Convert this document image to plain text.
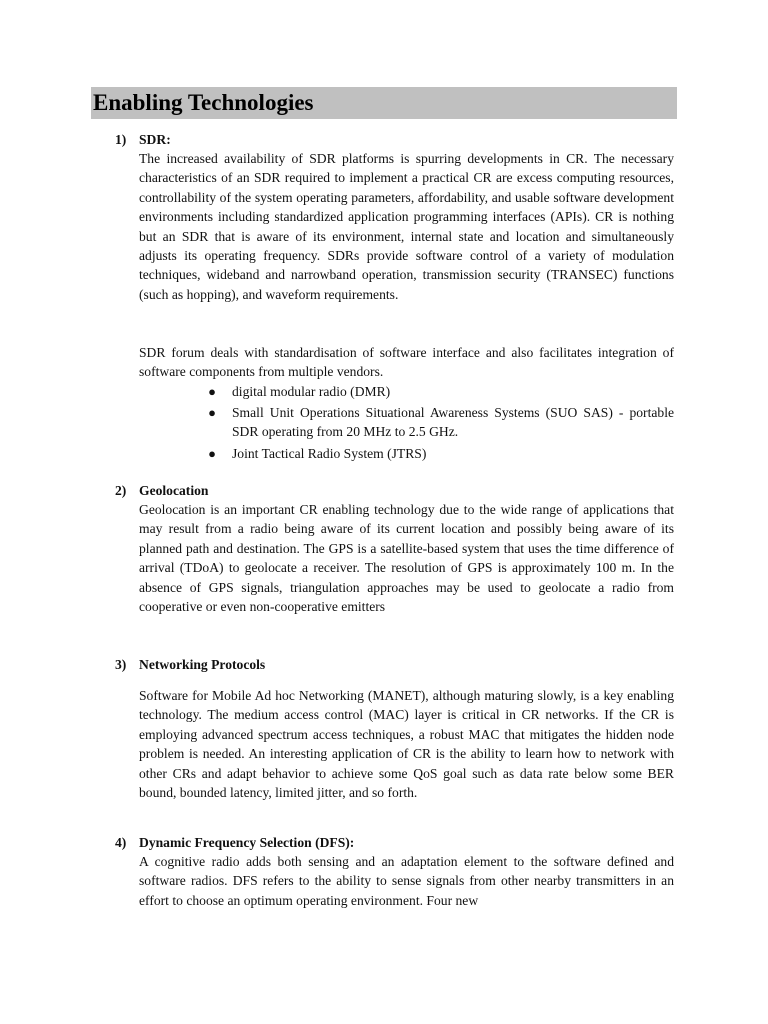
Enabling Technologies
1) SDR:

The increased availability of SDR platforms is spurring developments in CR. The necessary characteristics of an SDR required to implement a practical CR are excess computing resources, controllability of the system operating parameters, affordability, and usable software development environments including standardized application programming interfaces (APIs). CR is nothing but an SDR that is aware of its environment, internal state and location and simultaneously adjusts its operating frequency. SDRs provide software control of a variety of modulation techniques, wideband and narrowband operation, transmission security (TRANSEC) functions (such as hopping), and waveform requirements.

SDR forum deals with standardisation of software interface and also facilitates integration of software components from multiple vendors.

● digital modular radio (DMR)
● Small Unit Operations Situational Awareness Systems (SUO SAS) - portable SDR operating from 20 MHz to 2.5 GHz.
● Joint Tactical Radio System (JTRS)
2) Geolocation

Geolocation is an important CR enabling technology due to the wide range of applications that may result from a radio being aware of its current location and possibly being aware of its planned path and destination. The GPS is a satellite-based system that uses the time difference of arrival (TDoA) to geolocate a receiver. The resolution of GPS is approximately 100 m. In the absence of GPS signals, triangulation approaches may be used to geolocate a radio from cooperative or even non-cooperative emitters

3) Networking Protocols

Software for Mobile Ad hoc Networking (MANET), although maturing slowly, is a key enabling technology. The medium access control (MAC) layer is critical in CR networks. If the CR is employing advanced spectrum access techniques, a robust MAC that mitigates the hidden node problem is needed. An interesting application of CR is the ability to learn how to network with other CRs and adapt behavior to achieve some QoS goal such as data rate below some BER bound, bounded latency, limited jitter, and so forth.

4) Dynamic Frequency Selection (DFS):

A cognitive radio adds both sensing and an adaptation element to the software defined and software radios. DFS refers to the ability to sense signals from other nearby transmitters in an effort to choose an optimum operating environment. Four new
